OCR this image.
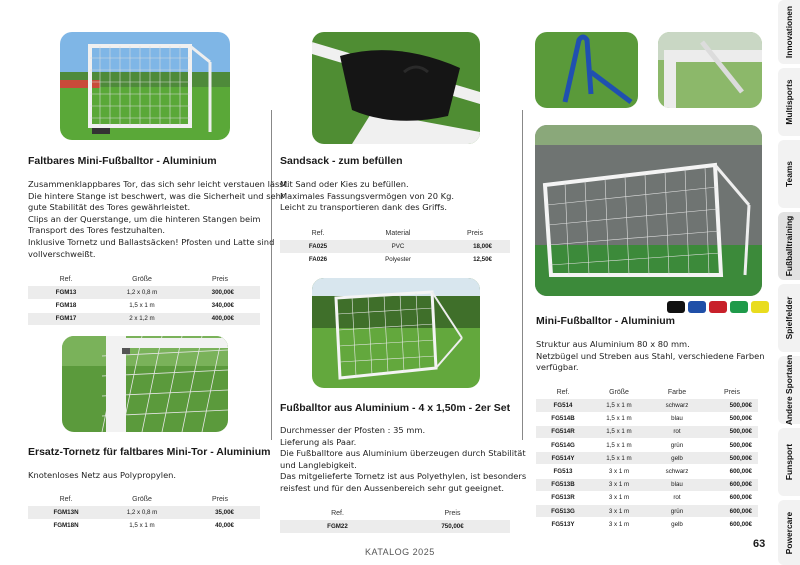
Faltbares Mini-Fußballtor - Aluminium
Zusammenklappbares Tor, das sich sehr leicht verstauen lässt.
Die hintere Stange ist beschwert, was die Sicherheit und sehr
gute Stabilität des Tores gewährleistet.
Clips an der Querstange, um die hinteren Stangen beim
Transport des Tores festzuhalten.
Inklusive Tornetz und Ballastsäcken! Pfosten und Latte sind
vollverschweißt.
Ref.	Größe	Preis
FGM13	1,2 x 0,8 m	300,00€
FGM18	1,5 x 1 m	340,00€
FGM17	2 x 1,2 m	400,00€
Ersatz-Tornetz für faltbares Mini-Tor - Aluminium
Knotenloses Netz aus Polypropylen.
Ref.	Größe	Preis
FGM13N	1,2 x 0,8 m	35,00€
FGM18N	1,5 x 1 m	40,00€
Sandsack - zum befüllen
Mit Sand oder Kies zu befüllen.
Maximales Fassungsvermögen von 20 Kg.
Leicht zu transportieren dank des Griffs.
Ref.	Material	Preis
FA025	PVC	18,00€
FA026	Polyester	12,50€
Fußballtor aus Aluminium - 4 x 1,50m - 2er Set
Durchmesser der Pfosten : 35 mm.
Lieferung als Paar.
Die Fußballtore aus Aluminium überzeugen durch Stabilität
und Langlebigkeit.
Das mitgelieferte Tornetz ist aus Polyethylen, ist besonders
reisfest und für den Aussenbereich sehr gut geeignet.
Ref.	Preis
FGM22	750,00€
Mini-Fußballtor - Aluminium
Struktur aus Aluminium 80 x 80 mm.
Netzbügel und Streben aus Stahl, verschiedene Farben
verfügbar.
Ref.	Größe	Farbe	Preis
FG514	1,5 x 1 m	schwarz	500,00€
FG514B	1,5 x 1 m	blau	500,00€
FG514R	1,5 x 1 m	rot	500,00€
FG514G	1,5 x 1 m	grün	500,00€
FG514Y	1,5 x 1 m	gelb	500,00€
FG513	3 x 1 m	schwarz	600,00€
FG513B	3 x 1 m	blau	600,00€
FG513R	3 x 1 m	rot	600,00€
FG513G	3 x 1 m	grün	600,00€
FG513Y	3 x 1 m	gelb	600,00€
KATALOG 2025
63
Innovationen
Multisports
Teams
Fußballtraining
Spielfelder
Andere Sportaten
Funsport
Powercare
